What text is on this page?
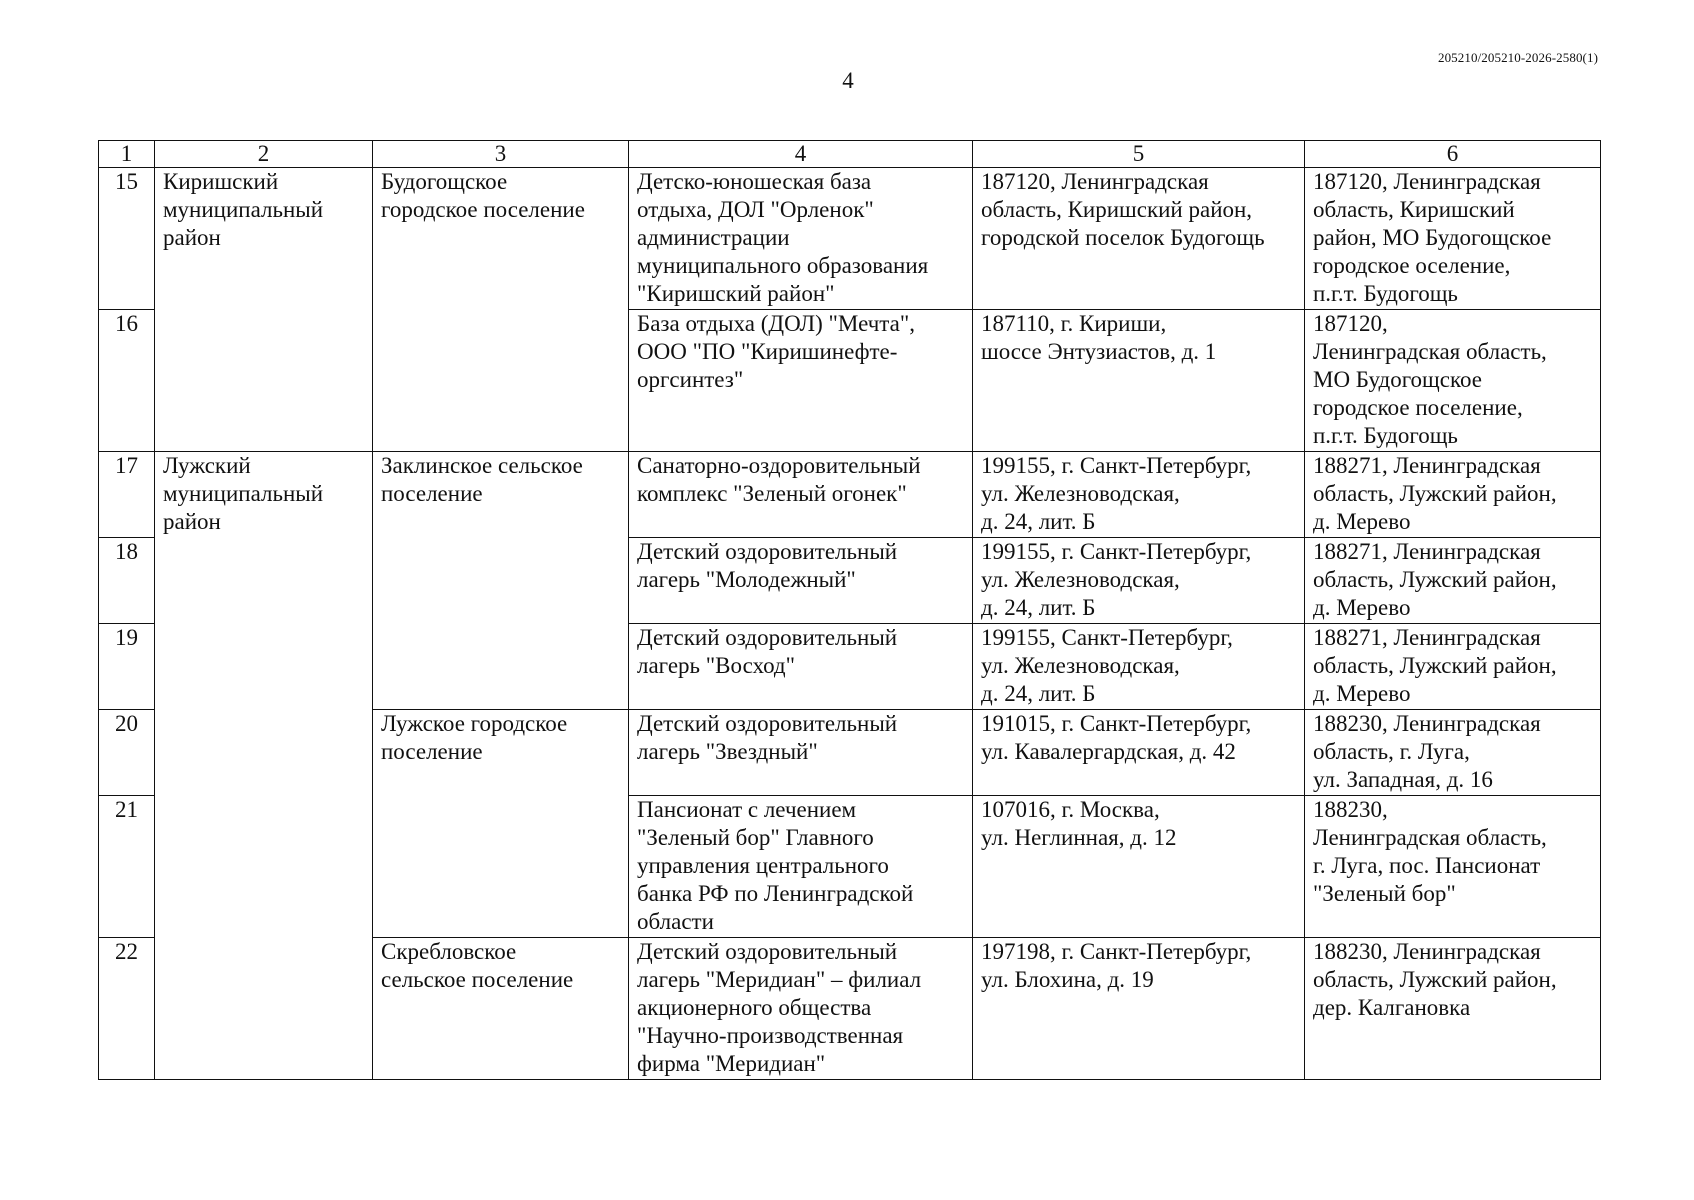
205210/205210-2026-2580(1)
4
1	2	3	4	5	6
15	Киришский
муниципальный
район	Будогощское
городское поселение	Детско-юношеская база
отдыха, ДОЛ "Орленок"
администрации
муниципального образования
"Киришский район"	187120, Ленинградская
область, Киришский район,
городской поселок Будогощь	187120, Ленинградская
область, Киришский
район, МО Будогощское
городское оселение,
п.г.т. Будогощь
16			База отдыха (ДОЛ) "Мечта",
ООО "ПО "Киришинефте-
оргсинтез"	187110, г. Кириши,
шоссе Энтузиастов, д. 1	187120,
Ленинградская область,
МО Будогощское
городское поселение,
п.г.т. Будогощь
17	Лужский
муниципальный
район	Заклинское сельское
поселение	Санаторно-оздоровительный
комплекс "Зеленый огонек"	199155, г. Санкт-Петербург,
ул. Железноводская,
д. 24, лит. Б	188271, Ленинградская
область, Лужский район,
д. Мерево
18			Детский оздоровительный
лагерь "Молодежный"	199155, г. Санкт-Петербург,
ул. Железноводская,
д. 24, лит. Б	188271, Ленинградская
область, Лужский район,
д. Мерево
19			Детский оздоровительный
лагерь "Восход"	199155, Санкт-Петербург,
ул. Железноводская,
д. 24, лит. Б	188271, Ленинградская
область, Лужский район,
д. Мерево
20		Лужское городское
поселение	Детский оздоровительный
лагерь "Звездный"	191015, г. Санкт-Петербург,
ул. Кавалергардская, д. 42	188230, Ленинградская
область, г. Луга,
ул. Западная, д. 16
21			Пансионат с лечением
"Зеленый бор" Главного
управления центрального
банка РФ по Ленинградской
области	107016, г. Москва,
ул. Неглинная, д. 12	188230,
Ленинградская область,
г. Луга, пос. Пансионат
"Зеленый бор"
22		Скребловское
сельское поселение	Детский оздоровительный
лагерь "Меридиан" – филиал
акционерного общества
"Научно-производственная
фирма "Меридиан"	197198, г. Санкт-Петербург,
ул. Блохина, д. 19	188230, Ленинградская
область, Лужский район,
дер. Калгановка
